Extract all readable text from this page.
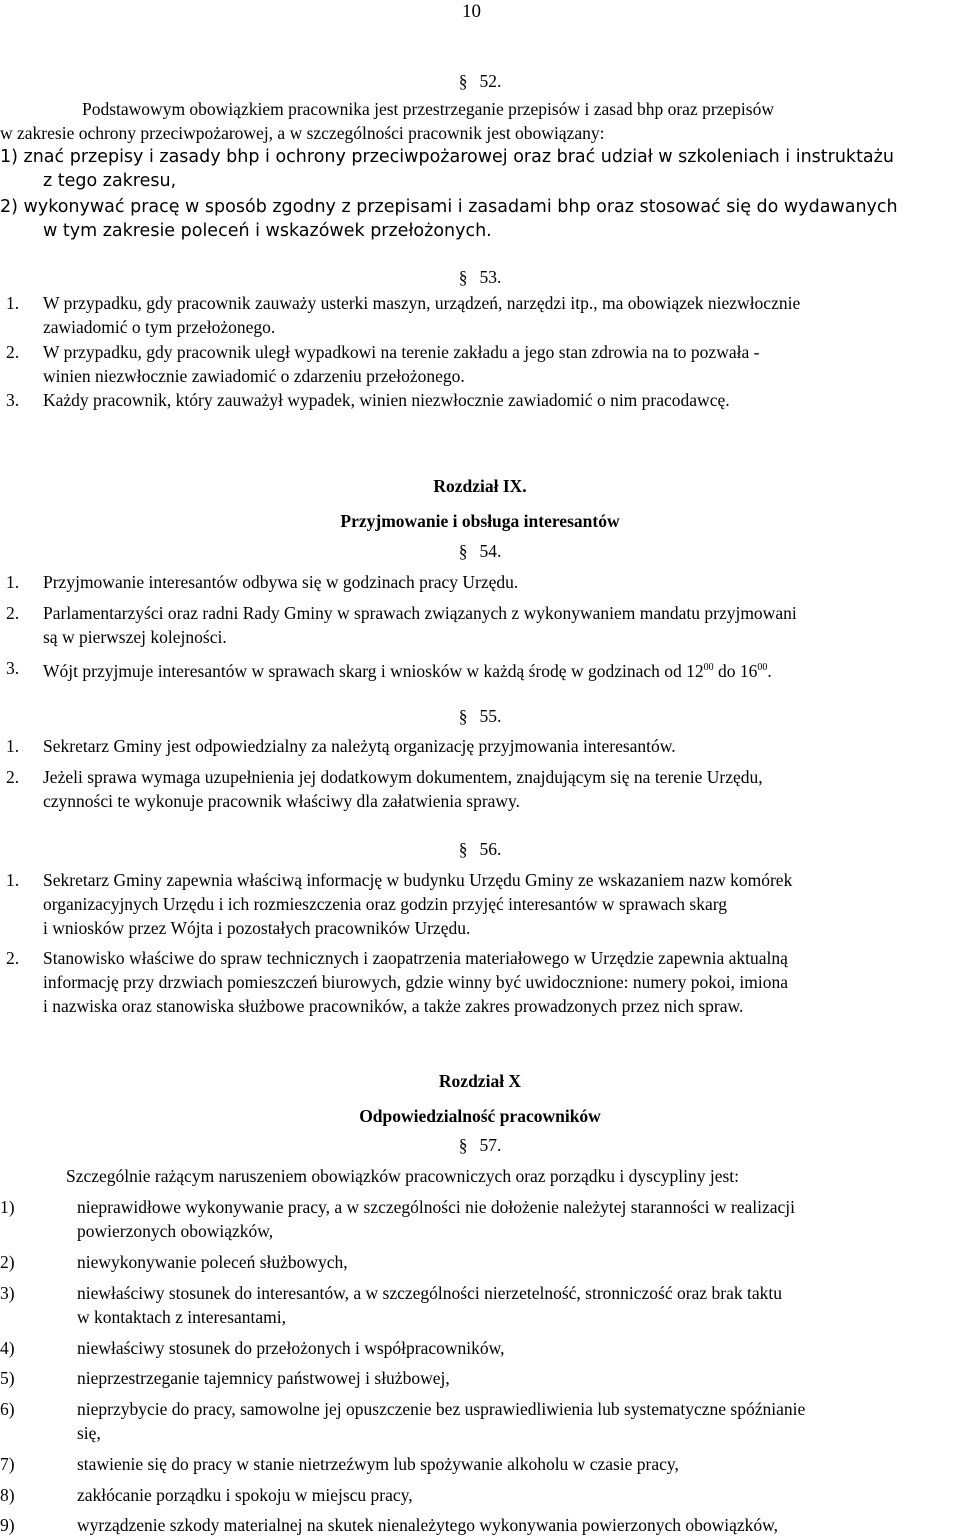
10
§ 52.
Podstawowym obowiązkiem pracownika jest przestrzeganie przepisów i zasad bhp oraz przepisów
w zakresie ochrony przeciwpożarowej, a w szczególności pracownik jest obowiązany:
1) znać przepisy i zasady bhp i ochrony przeciwpożarowej oraz brać udział w szkoleniach i instruktażu
z tego zakresu,
2) wykonywać pracę w sposób zgodny z przepisami i zasadami bhp oraz stosować się do wydawanych
w tym zakresie poleceń i wskazówek przełożonych.
§ 53.
1. W przypadku, gdy pracownik zauważy usterki maszyn, urządzeń, narzędzi itp., ma obowiązek niezwłocznie
zawiadomić o tym przełożonego.
2. W przypadku, gdy pracownik uległ wypadkowi na terenie zakładu a jego stan zdrowia na to pozwała -
winien niezwłocznie zawiadomić o zdarzeniu przełożonego.
3. Każdy pracownik, który zauważył wypadek, winien niezwłocznie zawiadomić o nim pracodawcę.
Rozdział IX.
Przyjmowanie i obsługa interesantów
§ 54.
1. Przyjmowanie interesantów odbywa się w godzinach pracy Urzędu.
2. Parlamentarzyści oraz radni Rady Gminy w sprawach związanych z wykonywaniem mandatu przyjmowani
są w pierwszej kolejności.
3. Wójt przyjmuje interesantów w sprawach skarg i wniosków w każdą środę w godzinach od $12^{00}$ do $16^{00}$.
§ 55.
1. Sekretarz Gminy jest odpowiedzialny za należytą organizację przyjmowania interesantów.
2. Jeżeli sprawa wymaga uzupełnienia jej dodatkowym dokumentem, znajdującym się na terenie Urzędu,
czynności te wykonuje pracownik właściwy dla załatwienia sprawy.
§ 56.
1. Sekretarz Gminy zapewnia właściwą informację w budynku Urzędu Gminy ze wskazaniem nazw komórek
organizacyjnych Urzędu i ich rozmieszczenia oraz godzin przyjęć interesantów w sprawach skarg
i wniosków przez Wójta i pozostałych pracowników Urzędu.
2. Stanowisko właściwe do spraw technicznych i zaopatrzenia materiałowego w Urzędzie zapewnia aktualną
informację przy drzwiach pomieszczeń biurowych, gdzie winny być uwidocznione: numery pokoi, imiona
i nazwiska oraz stanowiska służbowe pracowników, a także zakres prowadzonych przez nich spraw.
Rozdział X
Odpowiedzialność pracowników
§ 57.
Szczególnie rażącym naruszeniem obowiązków pracowniczych oraz porządku i dyscypliny jest:
1)	nieprawidłowe wykonywanie pracy, a w szczególności nie dołożenie należytej staranności w realizacji
powierzonych obowiązków,
2)	niewykonywanie poleceń służbowych,
3)	niewłaściwy stosunek do interesantów, a w szczególności nierzetelność, stronniczość oraz brak taktu
w kontaktach z interesantami,
4)	niewłaściwy stosunek do przełożonych i współpracowników,
5)	nieprzestrzeganie tajemnicy państwowej i służbowej,
6)	nieprzybycie do pracy, samowolne jej opuszczenie bez usprawiedliwienia lub systematyczne spóźnianie
się,
7)	stawienie się do pracy w stanie nietrzeźwym lub spożywanie alkoholu w czasie pracy,
8)	zakłócanie porządku i spokoju w miejscu pracy,
9)	wyrządzenie szkody materialnej na skutek nienależytego wykonywania powierzonych obowiązków,
